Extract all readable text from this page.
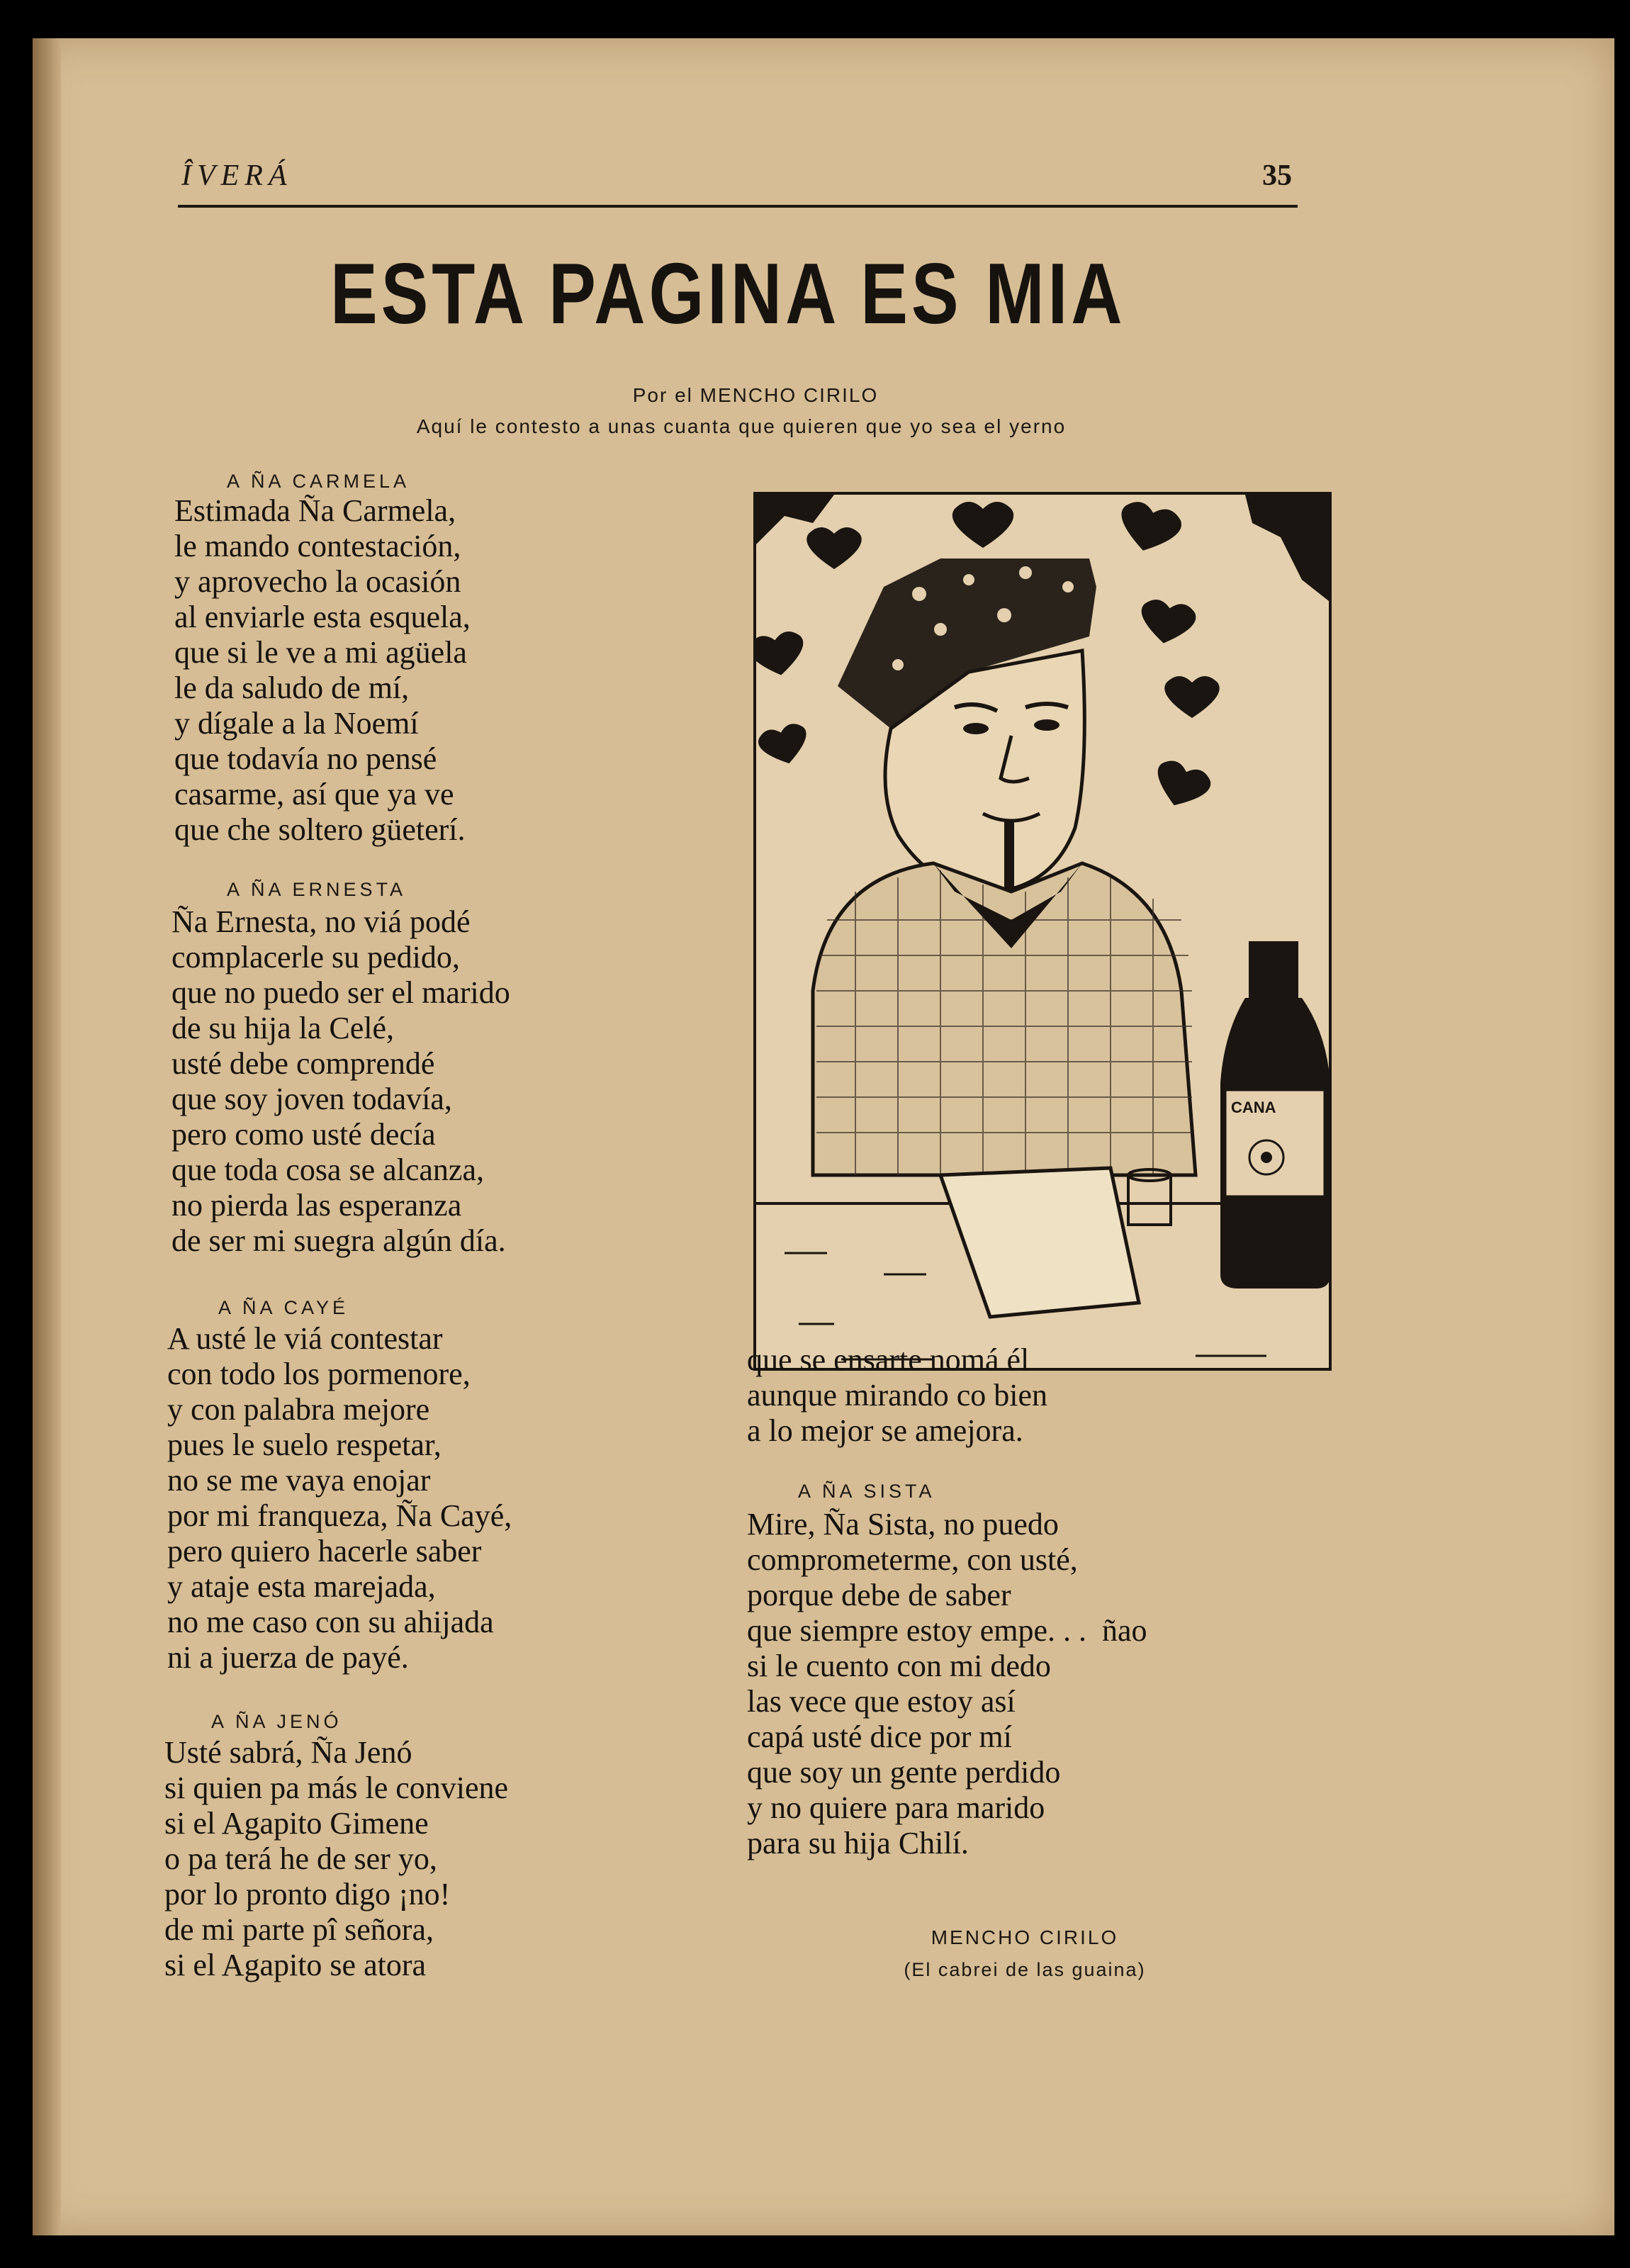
ÎVERÁ	35
ESTA PAGINA ES MIA
Por el MENCHO CIRILO
Aquí le contesto a unas cuanta que quieren que yo sea el yerno
A ÑA CARMELA
Estimada Ña Carmela,
le mando contestación,
y aprovecho la ocasión
al enviarle esta esquela,
que si le ve a mi agüela
le da saludo de mí,
y dígale a la Noemí
que todavía no pensé
casarme, así que ya ve
que che soltero güeterí.
A ÑA ERNESTA
Ña Ernesta, no viá podé
complacerle su pedido,
que no puedo ser el marido
de su hija la Celé,
usté debe comprendé
que soy joven todavía,
pero como usté decía
que toda cosa se alcanza,
no pierda las esperanza
de ser mi suegra algún día.
A ÑA CAYÉ
A usté le viá contestar
con todo los pormenore,
y con palabra mejore
pues le suelo respetar,
no se me vaya enojar
por mi franqueza, Ña Cayé,
pero quiero hacerle saber
y ataje esta marejada,
no me caso con su ahijada
ni a juerza de payé.
A ÑA JENÓ
Usté sabrá, Ña Jenó
si quien pa más le conviene
si el Agapito Gimene
o pa terá he de ser yo,
por lo pronto digo ¡no!
de mi parte pî señora,
si el Agapito se atora
CANA
que se ensarte nomá él
aunque mirando co bien
a lo mejor se amejora.
A ÑA SISTA
Mire, Ña Sista, no puedo
comprometerme, con usté,
porque debe de saber
que siempre estoy empe. . .  ñao
si le cuento con mi dedo
las vece que estoy así
capá usté dice por mí
que soy un gente perdido
y no quiere para marido
para su hija Chilí.
MENCHO CIRILO
(El cabrei de las guaina)
